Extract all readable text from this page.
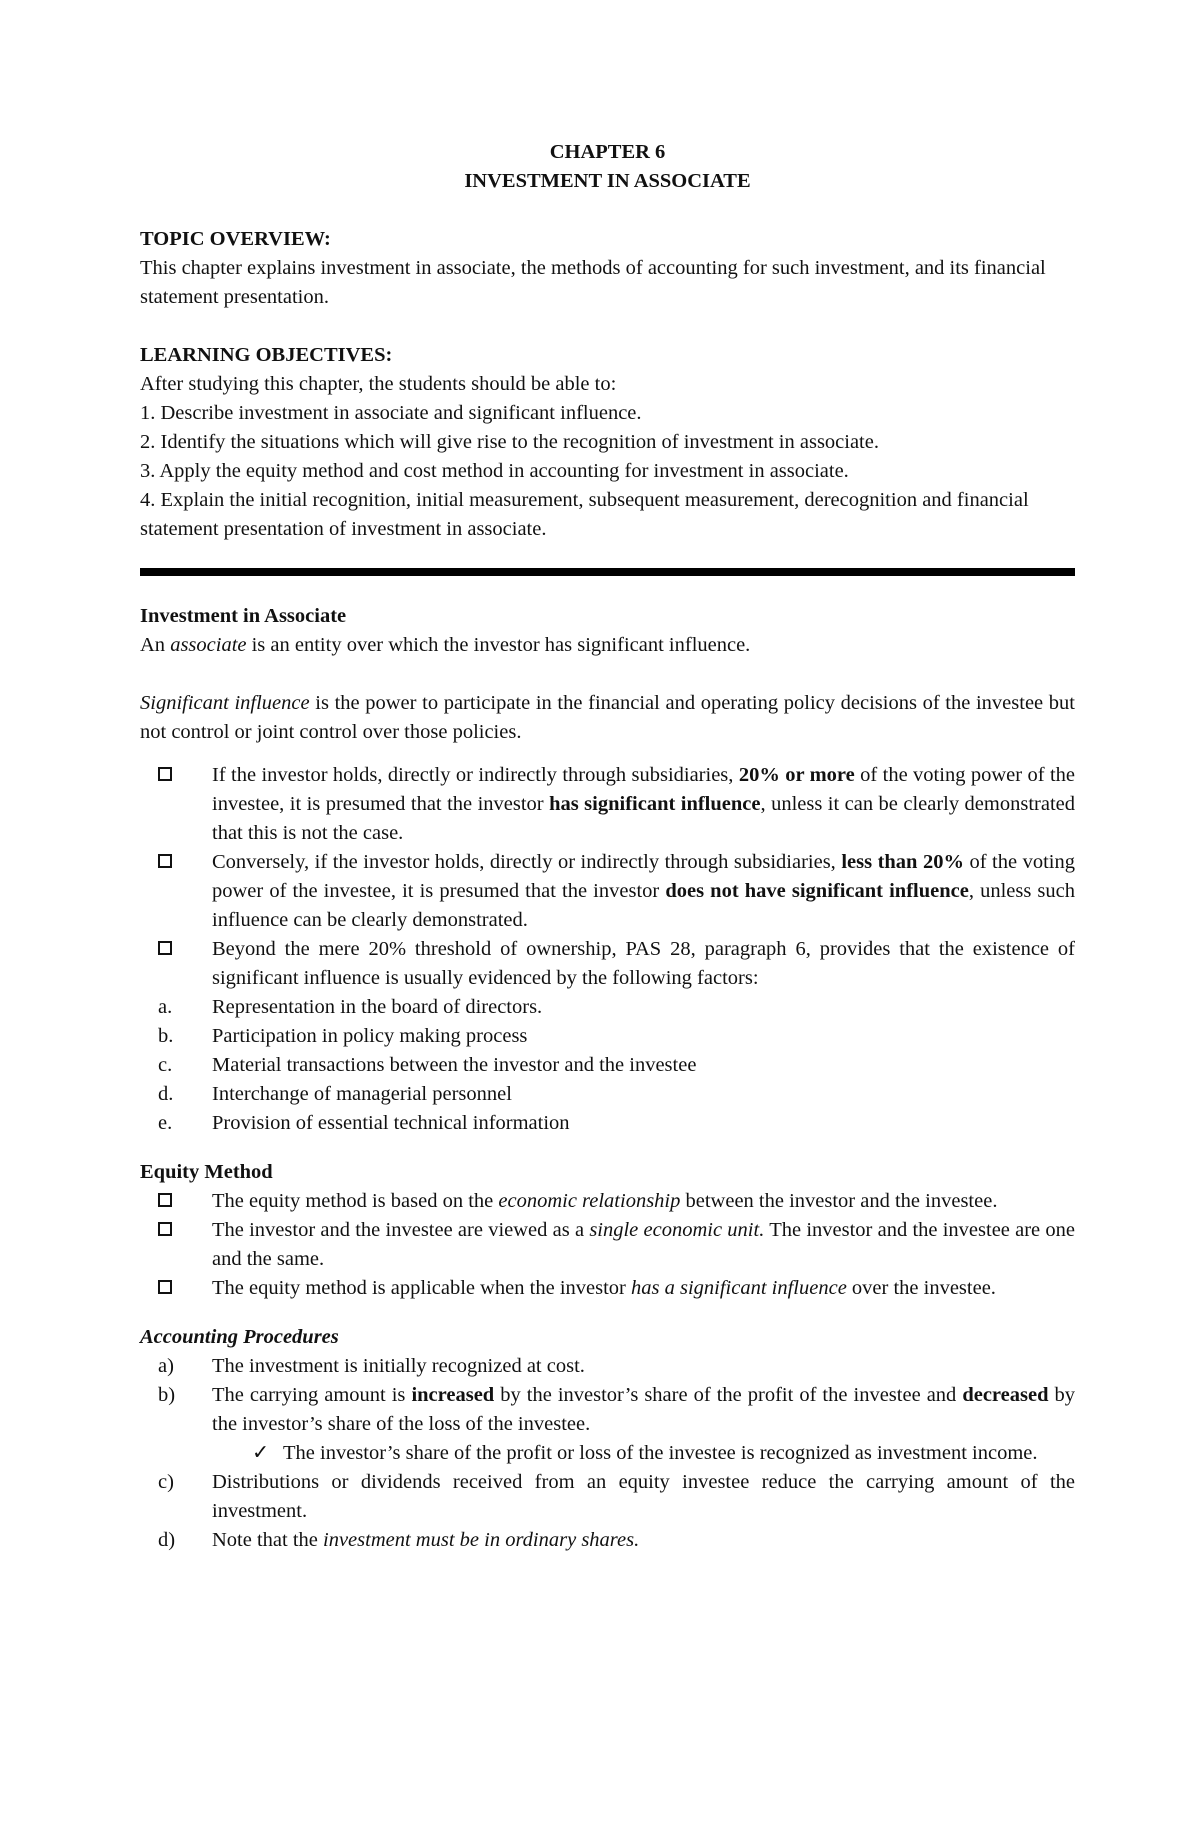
CHAPTER 6
INVESTMENT IN ASSOCIATE
TOPIC OVERVIEW:
This chapter explains investment in associate, the methods of accounting for such investment, and its financial statement presentation.
LEARNING OBJECTIVES:
After studying this chapter, the students should be able to:
1. Describe investment in associate and significant influence.
2. Identify the situations which will give rise to the recognition of investment in associate.
3. Apply the equity method and cost method in accounting for investment in associate.
4. Explain the initial recognition, initial measurement, subsequent measurement, derecognition and financial statement presentation of investment in associate.
Investment in Associate
An associate is an entity over which the investor has significant influence.
Significant influence is the power to participate in the financial and operating policy decisions of the investee but not control or joint control over those policies.
If the investor holds, directly or indirectly through subsidiaries, 20% or more of the voting power of the investee, it is presumed that the investor has significant influence, unless it can be clearly demonstrated that this is not the case.
Conversely, if the investor holds, directly or indirectly through subsidiaries, less than 20% of the voting power of the investee, it is presumed that the investor does not have significant influence, unless such influence can be clearly demonstrated.
Beyond the mere 20% threshold of ownership, PAS 28, paragraph 6, provides that the existence of significant influence is usually evidenced by the following factors:
a. Representation in the board of directors.
b. Participation in policy making process
c. Material transactions between the investor and the investee
d. Interchange of managerial personnel
e. Provision of essential technical information
Equity Method
The equity method is based on the economic relationship between the investor and the investee.
The investor and the investee are viewed as a single economic unit. The investor and the investee are one and the same.
The equity method is applicable when the investor has a significant influence over the investee.
Accounting Procedures
a) The investment is initially recognized at cost.
b) The carrying amount is increased by the investor’s share of the profit of the investee and decreased by the investor’s share of the loss of the investee.
✓ The investor’s share of the profit or loss of the investee is recognized as investment income.
c) Distributions or dividends received from an equity investee reduce the carrying amount of the investment.
d) Note that the investment must be in ordinary shares.
